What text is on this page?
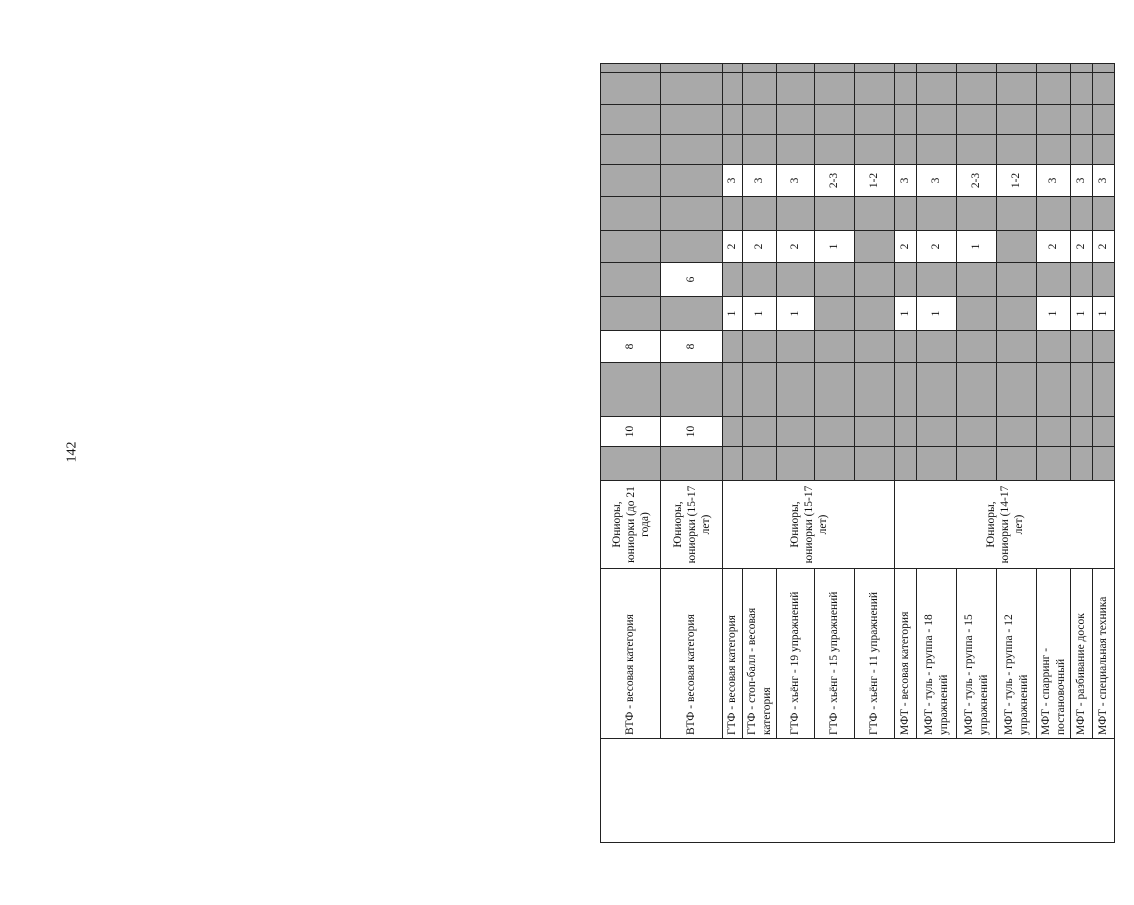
142
	ВТФ - весовая категория	Юниоры, юниорки (до 21 года)		10		8									
	ВТФ - весовая категория	Юниоры, юниорки (15-17 лет)		10		8		6							
	ГТФ - весовая категория	Юниоры, юниорки (15-17 лет)					1		2		3				
	ГТФ - стоп-балл - весовая категория						1		2		3				
	ГТФ - хьёнг - 19 упражнений						1		2		3				
	ГТФ - хьёнг - 15 упражнений								1		2-3				
	ГТФ - хьёнг - 11 упражнений										1-2				
	МФТ - весовая категория	Юниоры, юниорки (14-17 лет)					1		2		3				
	МФТ - туль - группа - 18 упражнений						1		2		3				
	МФТ - туль - группа - 15 упражнений								1		2-3				
	МФТ - туль - группа - 12 упражнений										1-2				
	МФТ - спарринг - постановочный						1		2		3				
	МФТ - разбивание досок						1		2		3				
	МФТ - специальная техника						1		2		3				
